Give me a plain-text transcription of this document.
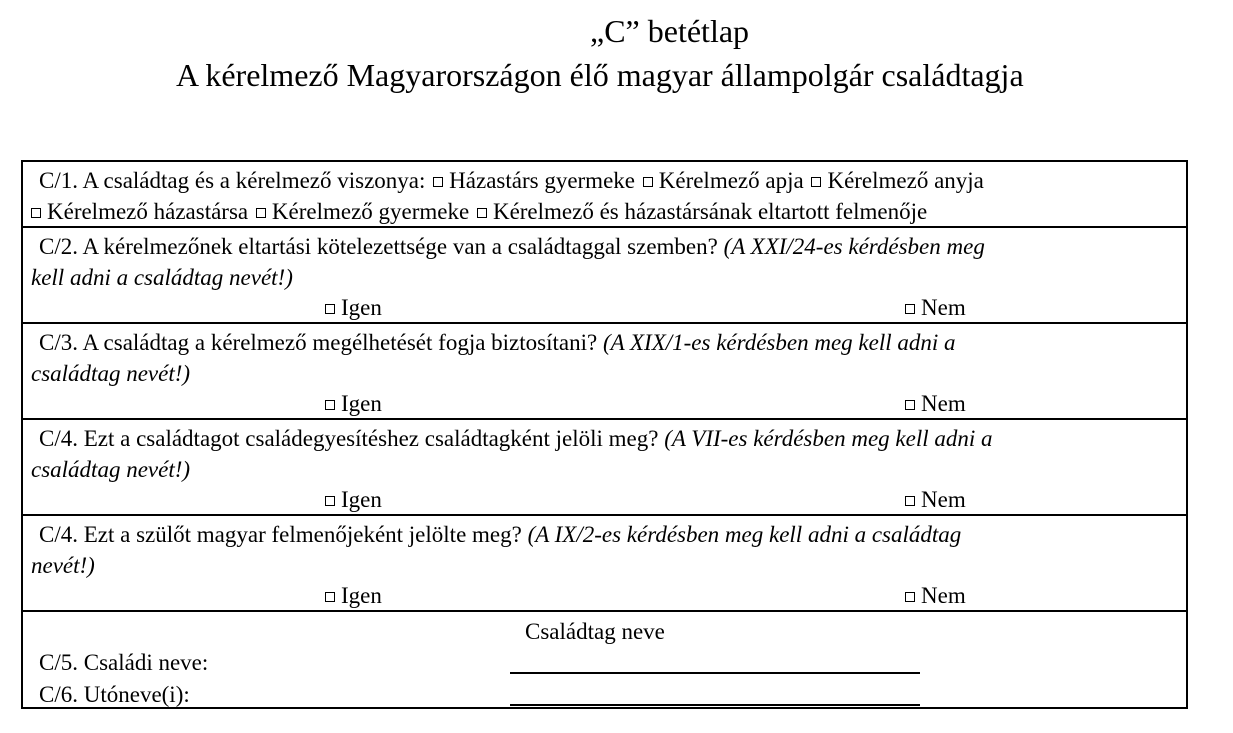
„C” betétlap
A kérelmező Magyarországon élő magyar állampolgár családtagja
C/1. A családtag és a kérelmező viszonya: Házastárs gyermeke Kérelmező apja Kérelmező anyja
Kérelmező házastársa Kérelmező gyermeke Kérelmező és házastársának eltartott felmenője
C/2. A kérelmezőnek eltartási kötelezettsége van a családtaggal szemben? (A XXI/24-es kérdésben meg
kell adni a családtag nevét!)
Igen	Nem
C/3. A családtag a kérelmező megélhetését fogja biztosítani? (A XIX/1-es kérdésben meg kell adni a
családtag nevét!)
Igen	Nem
C/4. Ezt a családtagot családegyesítéshez családtagként jelöli meg? (A VII-es kérdésben meg kell adni a
családtag nevét!)
Igen	Nem
C/4. Ezt a szülőt magyar felmenőjeként jelölte meg? (A IX/2-es kérdésben meg kell adni a családtag
nevét!)
Igen	Nem
Családtag neve
C/5. Családi neve:
C/6. Utóneve(i):
